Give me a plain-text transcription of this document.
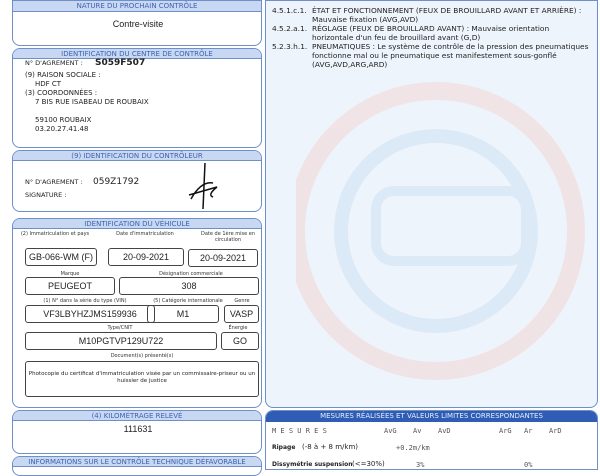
NATURE DU PROCHAIN CONTRÔLE
Contre-visite
IDENTIFICATION DU CENTRE DE CONTRÔLE
N° D'AGREMENT : S059F507
(9) RAISON SOCIALE :
HDF CT
(3) COORDONNÉES :
7 BIS RUE ISABEAU DE ROUBAIX
59100 ROUBAIX
03.20.27.41.48
(9) IDENTIFICATION DU CONTRÔLEUR
N° D'AGREMENT : 059Z1792
SIGNATURE :
IDENTIFICATION DU VÉHICULE
(2) Immatriculation et pays	Date d'immatriculation	Date de 1ère mise en circulation
GB-066-WM (F)	20-09-2021	20-09-2021
Marque	Désignation commerciale
PEUGEOT	308
(1) N° dans la série du type (VIN)	(5) Catégorie internationale	Genre
VF3LBYHZJMS159936	M1	VASP
Type/CNIT	Énergie
M10PGTVP129U722	GO
Document(s) présenté(s)
Photocopie du certificat d'immatriculation visée par un commissaire-priseur ou un huissier de justice
(4) KILOMÉTRAGE RELEVÉ
111631
INFORMATIONS SUR LE CONTRÔLE TECHNIQUE DÉFAVORABLE
4.5.1.c.1. ÉTAT ET FONCTIONNEMENT (FEUX DE BROUILLARD AVANT ET ARRIÈRE) : Mauvaise fixation (AVG,AVD)
4.5.2.a.1. RÉGLAGE (FEUX DE BROUILLARD AVANT) : Mauvaise orientation horizontale d'un feu de brouillard avant (G,D)
5.2.3.h.1. PNEUMATIQUES : Le système de contrôle de la pression des pneumatiques fonctionne mal ou le pneumatique est manifestement sous-gonflé (AVG,AVD,ARG,ARD)
MESURES RÉALISÉES ET VALEURS LIMITES CORRESPONDANTES
M E S U R E S	AvG Av AvD	ArG Ar ArD
Ripage (-8 à + 8 m/km)	+0.2m/km
Dissymétrie suspension (<=30%)	3%	0%
